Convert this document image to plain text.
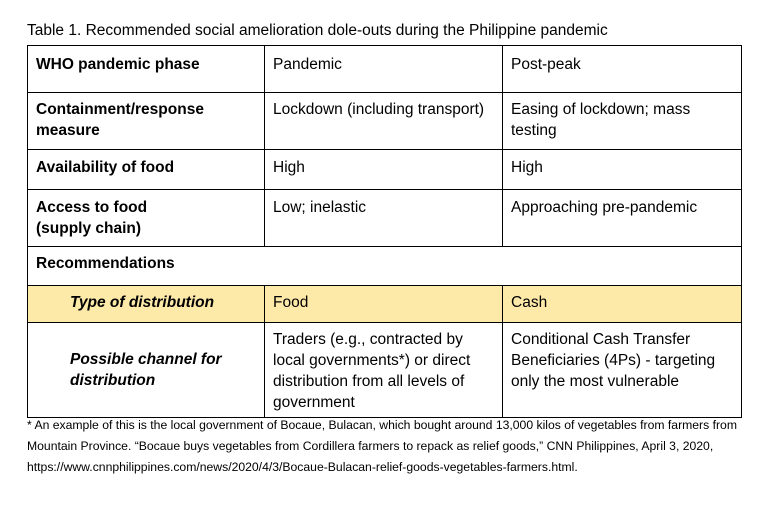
Table 1. Recommended social amelioration dole-outs during the Philippine pandemic
WHO pandemic phase	Pandemic	Post-peak
Containment/response measure	Lockdown (including transport)	Easing of lockdown; mass testing
Availability of food	High	High
Access to food
(supply chain)	Low; inelastic	Approaching pre-pandemic
Recommendations		
Type of distribution	Food	Cash
Possible channel for
distribution	Traders (e.g., contracted by local governments*) or direct distribution from all levels of government	Conditional Cash Transfer Beneficiaries (4Ps) - targeting only the most vulnerable
* An example of this is the local government of Bocaue, Bulacan, which bought around 13,000 kilos of vegetables from farmers from Mountain Province. “Bocaue buys vegetables from Cordillera farmers to repack as relief goods,” CNN Philippines, April 3, 2020, https://www.cnnphilippines.com/news/2020/4/3/Bocaue-Bulacan-relief-goods-vegetables-farmers.html.
